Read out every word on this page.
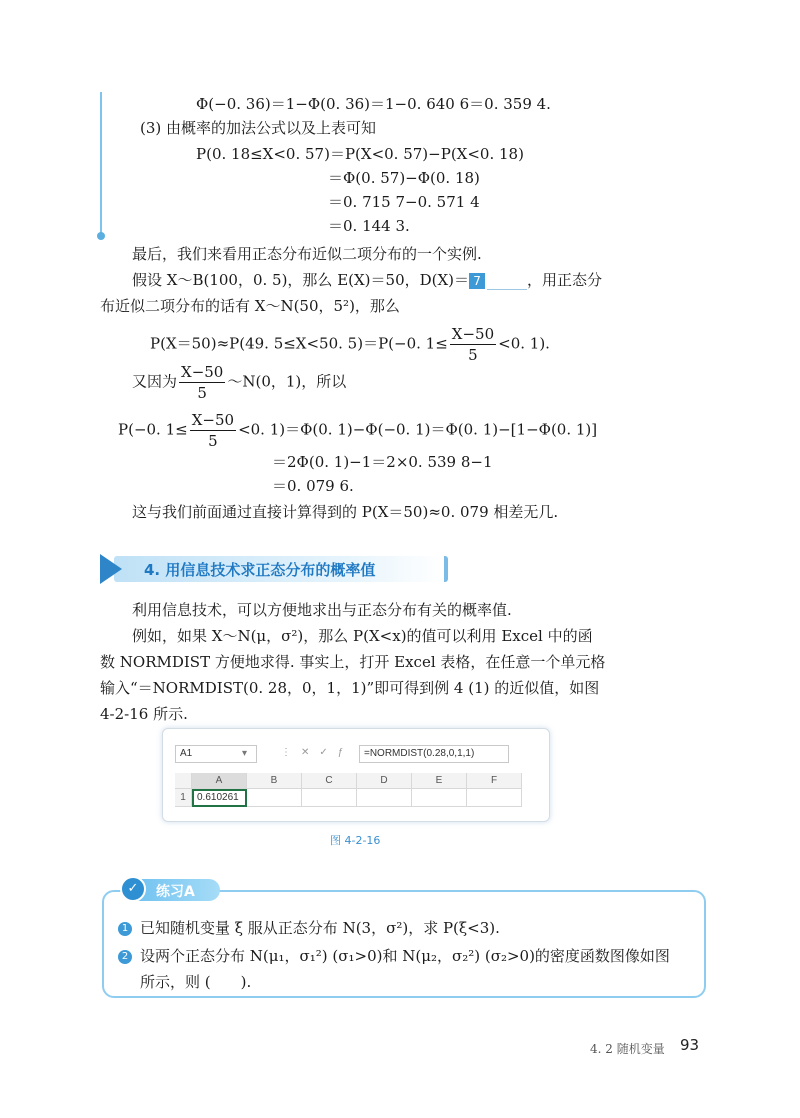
Φ(−0. 36)＝1−Φ(0. 36)＝1−0. 640 6＝0. 359 4.
(3) 由概率的加法公式以及上表可知
P(0. 18≤X<0. 57)＝P(X<0. 57)−P(X<0. 18)
＝Φ(0. 57)−Φ(0. 18)
＝0. 715 7−0. 571 4
＝0. 144 3.
最后，我们来看用正态分布近似二项分布的一个实例.
假设 X～B(100，0. 5)，那么 E(X)＝50，D(X)＝ 7	，用正态分
布近似二项分布的话有 X～N(50，5²)，那么
P(X＝50)≈P(49. 5≤X<50. 5)＝P(−0. $1\le \frac{X-50}{5} <0$. 1).
又因为 $\frac{X-50}{5}$ ～N(0，1)，所以
P(−0. $1\le \frac{X-50}{5} <0$. 1)＝Φ(0. 1)−Φ(−0. 1)＝Φ(0. 1)−[1−Φ(0. 1)]
＝2Φ(0. 1)−1＝2×0. 539 8−1
＝0. 079 6.
这与我们前面通过直接计算得到的 P(X＝50)≈0. 079 相差无几.
4. 用信息技术求正态分布的概率值
利用信息技术，可以方便地求出与正态分布有关的概率值.
例如，如果 X～N(μ，σ²)，那么 P(X<x)的值可以利用 Excel 中的函
数 NORMDIST 方便地求得. 事实上，打开 Excel 表格，在任意一个单元格
输入“＝NORMDIST(0. 28，0，1，1)”即可得到例 4 (1) 的近似值，如图
4-2-16 所示.
A1	▾	⋮✕✓ƒ =NORMDIST(0.28,0,1,1)
A	B	C	D	E	F
1	0.610261
图 4-2-16
✓	练习A
1 已知随机变量 ξ 服从正态分布 N(3，σ²)，求 P(ξ<3).
2 设两个正态分布 N(μ₁，σ₁²) (σ₁>0)和 N(μ₂，σ₂²) (σ₂>0)的密度函数图像如图
所示，则 (　　).
4. 2 随机变量 93
